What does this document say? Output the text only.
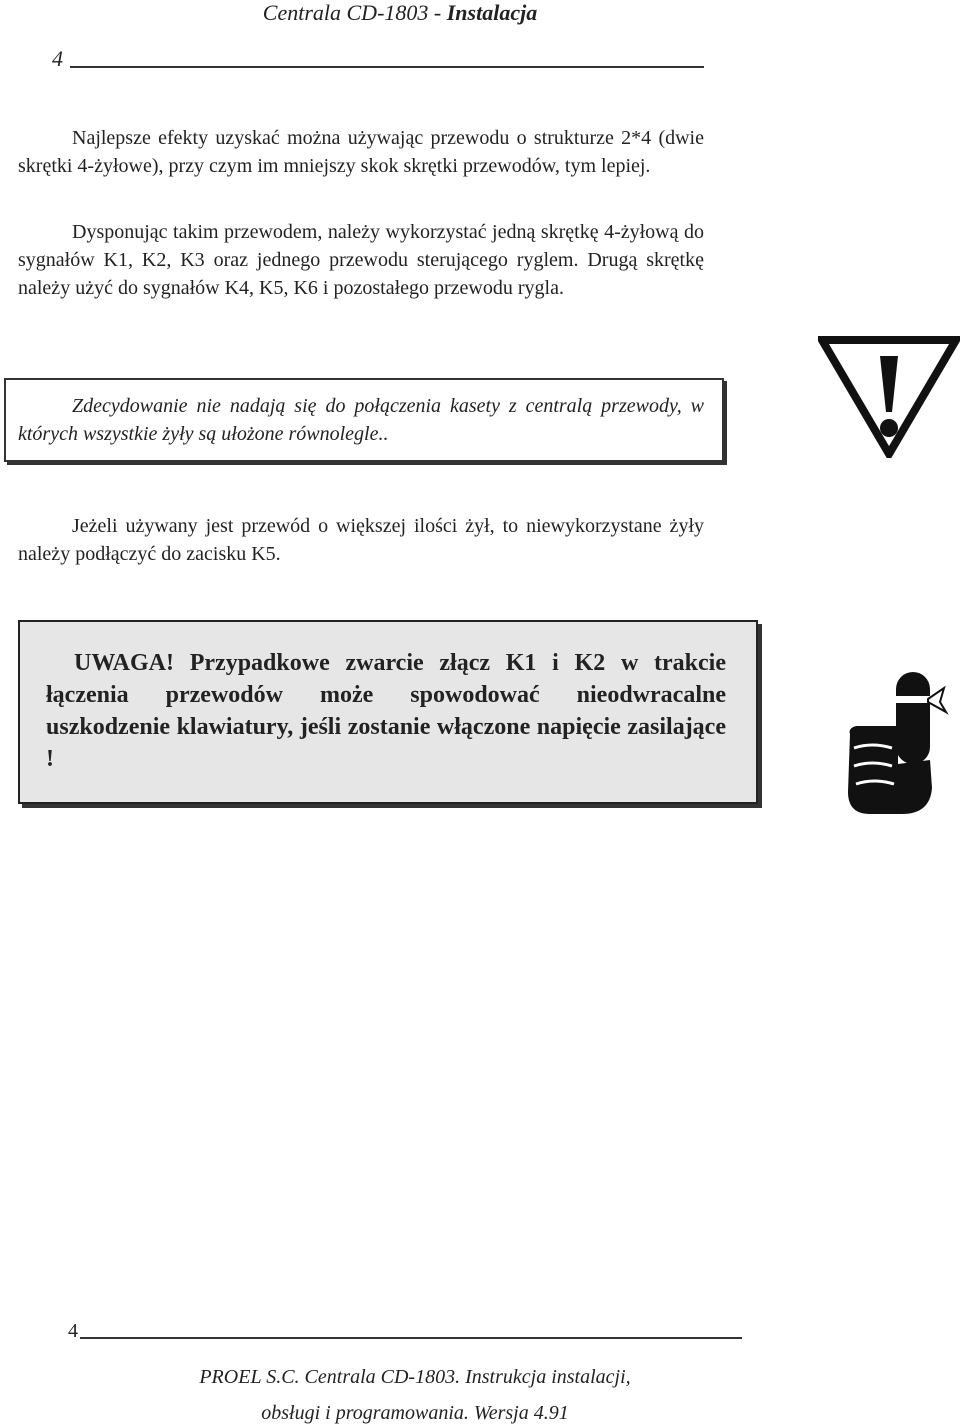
Centrala CD-1803 - Instalacja
4
Najlepsze efekty uzyskać można używając przewodu o strukturze 2*4 (dwie skrętki 4-żyłowe), przy czym im mniejszy skok skrętki przewodów, tym lepiej.
Dysponując takim przewodem, należy wykorzystać jedną skrętkę 4-żyłową do sygnałów K1, K2, K3 oraz jednego przewodu sterującego ryglem. Drugą skrętkę należy użyć do sygnałów K4, K5, K6 i pozostałego przewodu rygla.
Zdecydowanie nie nadają się do połączenia kasety z centralą przewody, w których wszystkie żyły są ułożone równolegle..
Jeżeli używany jest przewód o większej ilości żył, to niewykorzystane żyły należy podłączyć do zacisku K5.
UWAGA! Przypadkowe zwarcie złącz K1 i K2 w trakcie łączenia przewodów może spowodować nieodwracalne uszkodzenie klawiatury, jeśli zostanie włączone napięcie zasilające !
4
PROEL S.C. Centrala CD-1803. Instrukcja instalacji,
obsługi i programowania. Wersja 4.91
